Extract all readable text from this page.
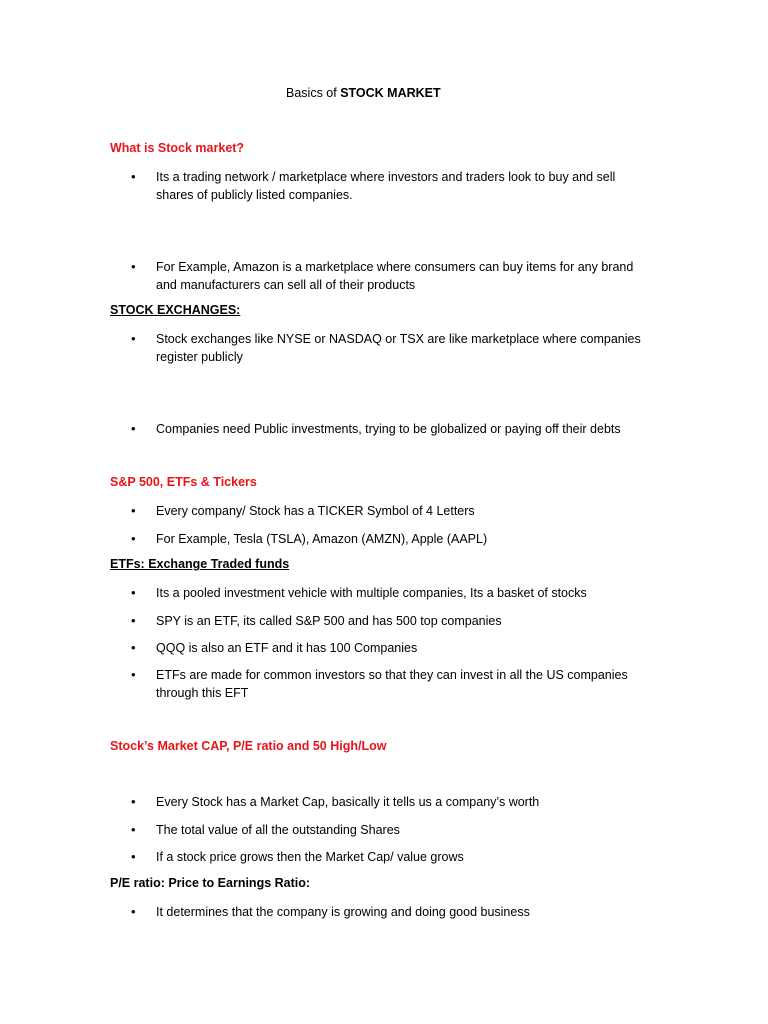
Basics of STOCK MARKET
What is Stock market?
• Its a trading network / marketplace where investors and traders look to buy and sell
shares of publicly listed companies.
• For Example, Amazon is a marketplace where consumers can buy items for any brand
and manufacturers can sell all of their products
STOCK EXCHANGES:
• Stock exchanges like NYSE or NASDAQ or TSX are like marketplace where companies
register publicly
• Companies need Public investments, trying to be globalized or paying off their debts
S&P 500, ETFs & Tickers
• Every company/ Stock has a TICKER Symbol of 4 Letters
• For Example, Tesla (TSLA), Amazon (AMZN), Apple (AAPL)
ETFs: Exchange Traded funds
• Its a pooled investment vehicle with multiple companies, Its a basket of stocks
• SPY is an ETF, its called S&P 500 and has 500 top companies
• QQQ is also an ETF and it has 100 Companies
• ETFs are made for common investors so that they can invest in all the US companies
through this EFT
Stock’s Market CAP, P/E ratio and 50 High/Low
• Every Stock has a Market Cap, basically it tells us a company’s worth
• The total value of all the outstanding Shares
• If a stock price grows then the Market Cap/ value grows
P/E ratio: Price to Earnings Ratio:
• It determines that the company is growing and doing good business
